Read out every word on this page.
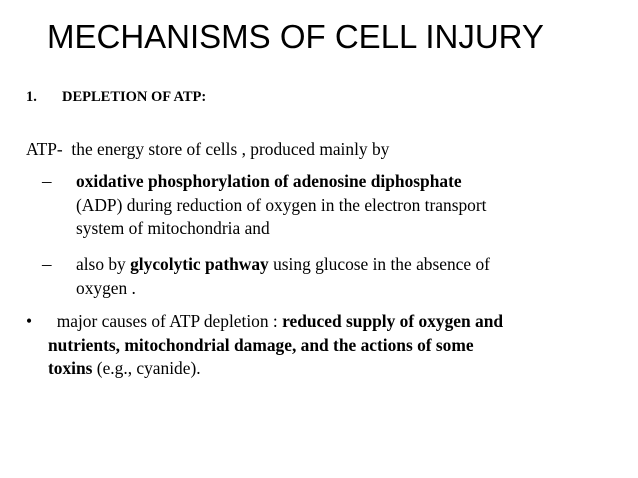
MECHANISMS OF CELL INJURY
1. DEPLETION OF ATP:
ATP- the energy store of cells , produced mainly by
– oxidative phosphorylation of adenosine diphosphate
(ADP) during reduction of oxygen in the electron transport
system of mitochondria and
– also by glycolytic pathway using glucose in the absence of
oxygen .
•	major causes of ATP depletion : reduced supply of oxygen and
nutrients, mitochondrial damage, and the actions of some
toxins (e.g., cyanide).
